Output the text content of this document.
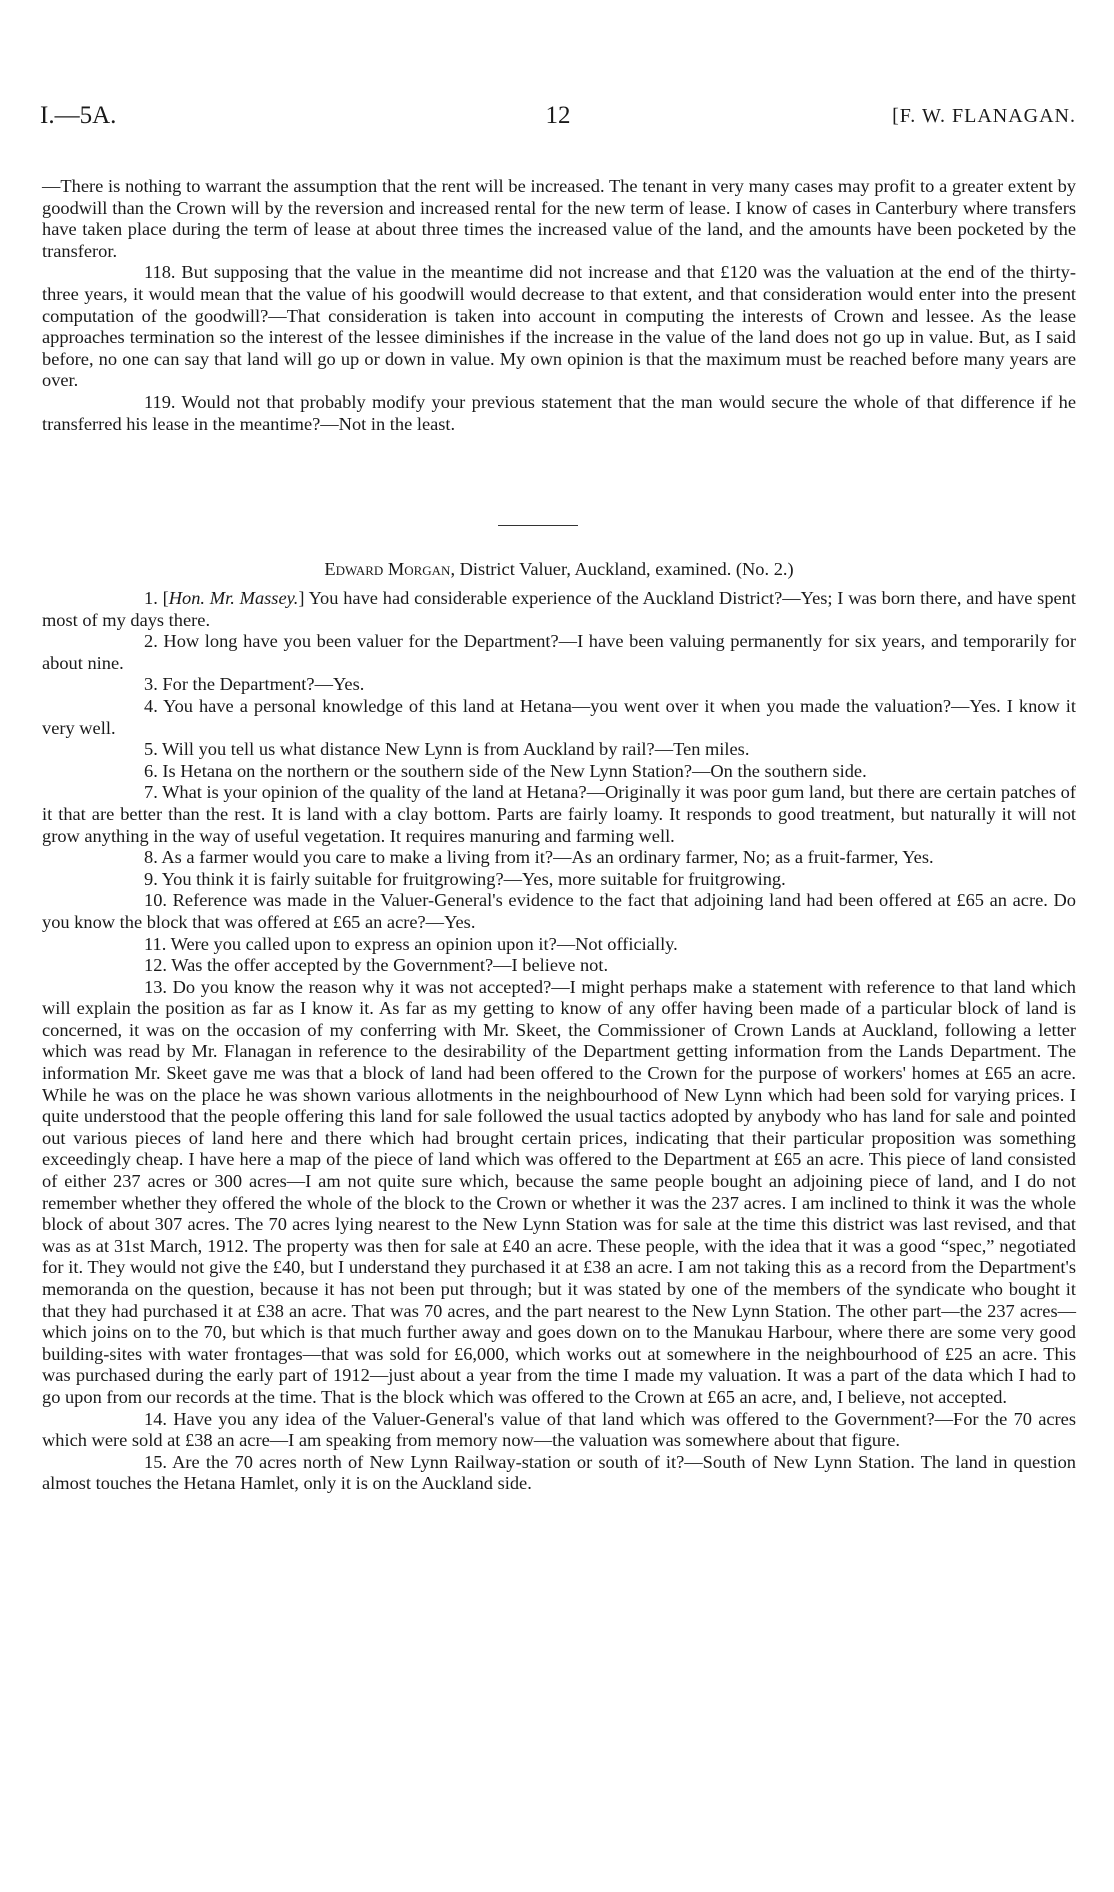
I.—5A.	12	[F. W. FLANAGAN.

—There is nothing to warrant the assumption that the rent will be increased. The tenant in very many cases may profit to a greater extent by goodwill than the Crown will by the reversion and increased rental for the new term of lease. I know of cases in Canterbury where transfers have taken place during the term of lease at about three times the increased value of the land, and the amounts have been pocketed by the transferor.

118. But supposing that the value in the meantime did not increase and that £120 was the valuation at the end of the thirty-three years, it would mean that the value of his goodwill would decrease to that extent, and that consideration would enter into the present computation of the goodwill?—That consideration is taken into account in computing the interests of Crown and lessee. As the lease approaches termination so the interest of the lessee diminishes if the increase in the value of the land does not go up in value. But, as I said before, no one can say that land will go up or down in value. My own opinion is that the maximum must be reached before many years are over.

119. Would not that probably modify your previous statement that the man would secure the whole of that difference if he transferred his lease in the meantime?—Not in the least.

Edward Morgan, District Valuer, Auckland, examined. (No. 2.)

1. [Hon. Mr. Massey.] You have had considerable experience of the Auckland District?—Yes; I was born there, and have spent most of my days there.

2. How long have you been valuer for the Department?—I have been valuing permanently for six years, and temporarily for about nine.

3. For the Department?—Yes.

4. You have a personal knowledge of this land at Hetana—you went over it when you made the valuation?—Yes. I know it very well.

5. Will you tell us what distance New Lynn is from Auckland by rail?—Ten miles.

6. Is Hetana on the northern or the southern side of the New Lynn Station?—On the southern side.

7. What is your opinion of the quality of the land at Hetana?—Originally it was poor gum land, but there are certain patches of it that are better than the rest. It is land with a clay bottom. Parts are fairly loamy. It responds to good treatment, but naturally it will not grow anything in the way of useful vegetation. It requires manuring and farming well.

8. As a farmer would you care to make a living from it?—As an ordinary farmer, No; as a fruit-farmer, Yes.

9. You think it is fairly suitable for fruitgrowing?—Yes, more suitable for fruitgrowing.

10. Reference was made in the Valuer-General's evidence to the fact that adjoining land had been offered at £65 an acre. Do you know the block that was offered at £65 an acre?—Yes.

11. Were you called upon to express an opinion upon it?—Not officially.

12. Was the offer accepted by the Government?—I believe not.

13. Do you know the reason why it was not accepted?—I might perhaps make a statement with reference to that land which will explain the position as far as I know it. As far as my getting to know of any offer having been made of a particular block of land is concerned, it was on the occasion of my conferring with Mr. Skeet, the Commissioner of Crown Lands at Auckland, following a letter which was read by Mr. Flanagan in reference to the desirability of the Department getting information from the Lands Department. The information Mr. Skeet gave me was that a block of land had been offered to the Crown for the purpose of workers' homes at £65 an acre. While he was on the place he was shown various allotments in the neighbourhood of New Lynn which had been sold for varying prices. I quite understood that the people offering this land for sale followed the usual tactics adopted by anybody who has land for sale and pointed out various pieces of land here and there which had brought certain prices, indicating that their particular proposition was something exceedingly cheap. I have here a map of the piece of land which was offered to the Department at £65 an acre. This piece of land consisted of either 237 acres or 300 acres—I am not quite sure which, because the same people bought an adjoining piece of land, and I do not remember whether they offered the whole of the block to the Crown or whether it was the 237 acres. I am inclined to think it was the whole block of about 307 acres. The 70 acres lying nearest to the New Lynn Station was for sale at the time this district was last revised, and that was as at 31st March, 1912. The property was then for sale at £40 an acre. These people, with the idea that it was a good “spec,” negotiated for it. They would not give the £40, but I understand they purchased it at £38 an acre. I am not taking this as a record from the Department's memoranda on the question, because it has not been put through; but it was stated by one of the members of the syndicate who bought it that they had purchased it at £38 an acre. That was 70 acres, and the part nearest to the New Lynn Station. The other part—the 237 acres—which joins on to the 70, but which is that much further away and goes down on to the Manukau Harbour, where there are some very good building-sites with water frontages—that was sold for £6,000, which works out at somewhere in the neighbourhood of £25 an acre. This was purchased during the early part of 1912—just about a year from the time I made my valuation. It was a part of the data which I had to go upon from our records at the time. That is the block which was offered to the Crown at £65 an acre, and, I believe, not accepted.

14. Have you any idea of the Valuer-General's value of that land which was offered to the Government?—For the 70 acres which were sold at £38 an acre—I am speaking from memory now—the valuation was somewhere about that figure.

15. Are the 70 acres north of New Lynn Railway-station or south of it?—South of New Lynn Station. The land in question almost touches the Hetana Hamlet, only it is on the Auckland side.
